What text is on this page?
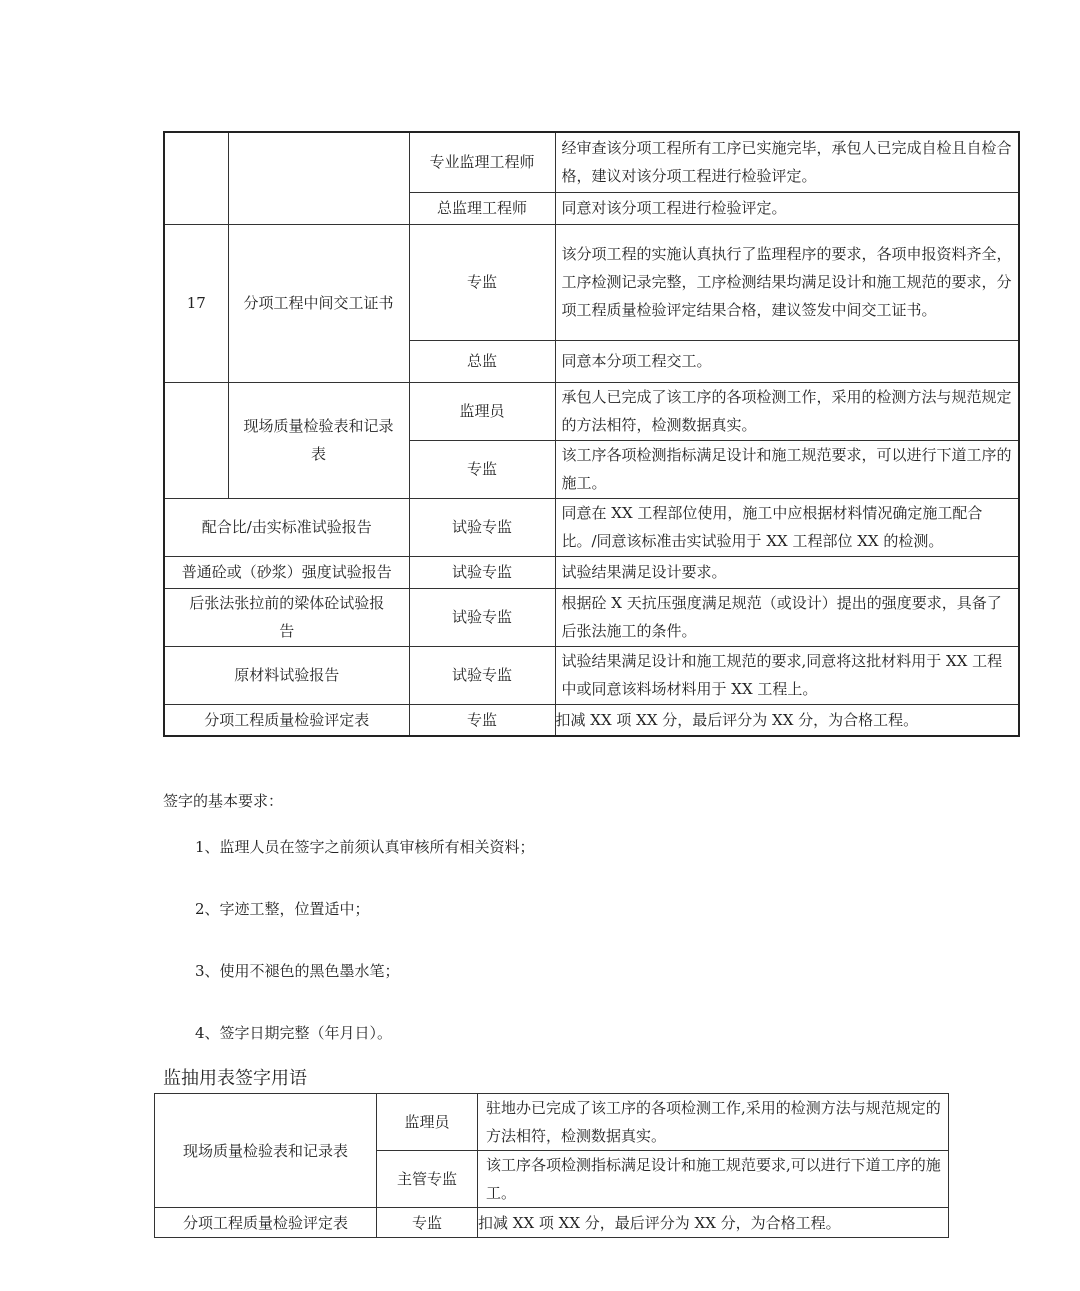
		专业监理工程师	经审查该分项工程所有工序已实施完毕，承包人已完成自检且自检合格，建议对该分项工程进行检验评定。
		总监理工程师	同意对该分项工程进行检验评定。
17	分项工程中间交工证书	专监	该分项工程的实施认真执行了监理程序的要求，各项申报资料齐全，工序检测记录完整，工序检测结果均满足设计和施工规范的要求，分项工程质量检验评定结果合格，建议签发中间交工证书。
		总监	同意本分项工程交工。
	现场质量检验表和记录表	监理员	承包人已完成了该工序的各项检测工作，采用的检测方法与规范规定的方法相符，检测数据真实。
		专监	该工序各项检测指标满足设计和施工规范要求，可以进行下道工序的施工。
配合比/击实标准试验报告		试验专监	同意在 XX 工程部位使用，施工中应根据材料情况确定施工配合比。/同意该标准击实试验用于 XX 工程部位 XX 的检测。
普通砼或（砂浆）强度试验报告		试验专监	试验结果满足设计要求。
后张法张拉前的梁体砼试验报告		试验专监	根据砼 X 天抗压强度满足规范（或设计）提出的强度要求，具备了后张法施工的条件。
原材料试验报告		试验专监	试验结果满足设计和施工规范的要求,同意将这批材料用于 XX 工程中或同意该料场材料用于 XX 工程上。
分项工程质量检验评定表		专监	扣减 XX 项 XX 分，最后评分为 XX 分，为合格工程。
签字的基本要求：
1、监理人员在签字之前须认真审核所有相关资料；
2、字迹工整，位置适中；
3、使用不褪色的黑色墨水笔；
4、签字日期完整（年月日）。
监抽用表签字用语
现场质量检验表和记录表	监理员	驻地办已完成了该工序的各项检测工作,采用的检测方法与规范规定的方法相符，检测数据真实。
	主管专监	该工序各项检测指标满足设计和施工规范要求,可以进行下道工序的施工。
分项工程质量检验评定表	专监	扣减 XX 项 XX 分，最后评分为 XX 分，为合格工程。
